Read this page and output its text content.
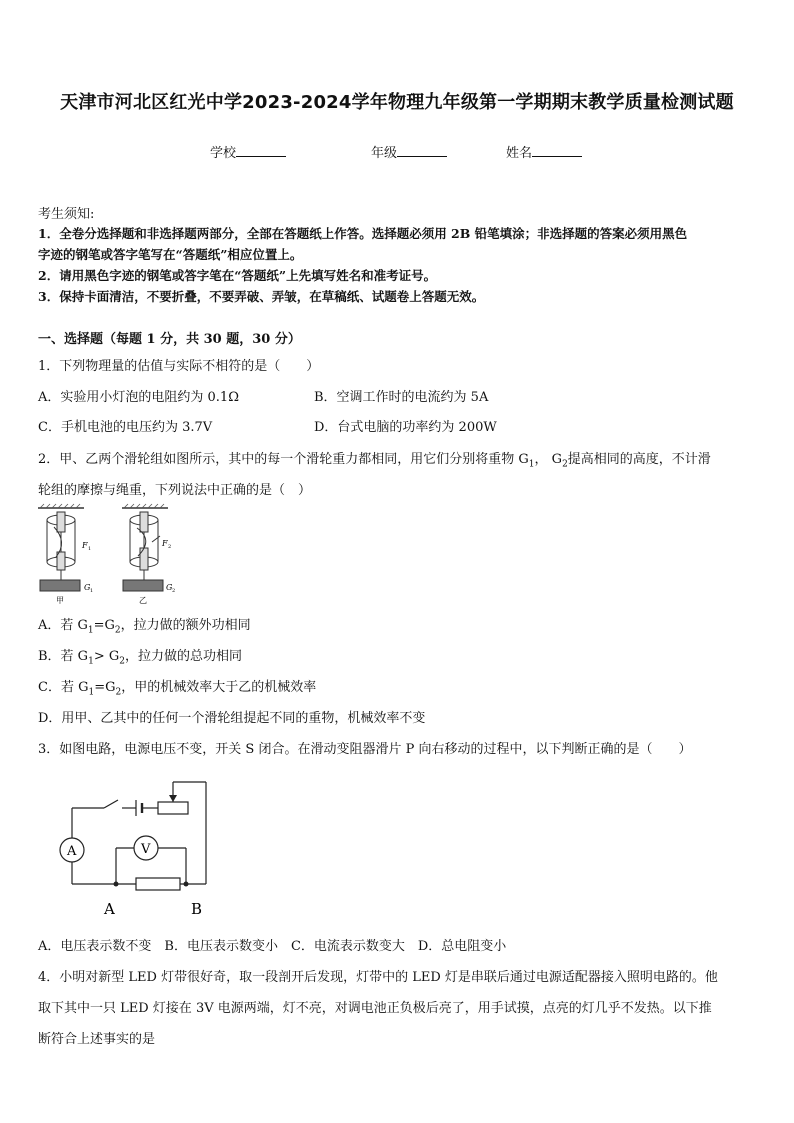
天津市河北区红光中学2023-2024学年物理九年级第一学期期末教学质量检测试题
学校	年级	姓名
考生须知:
1．全卷分选择题和非选择题两部分，全部在答题纸上作答。选择题必须用 2B 铅笔填涂；非选择题的答案必须用黑色
字迹的钢笔或答字笔写在“答题纸”相应位置上。
2．请用黑色字迹的钢笔或答字笔在“答题纸”上先填写姓名和准考证号。
3．保持卡面清洁，不要折叠，不要弄破、弄皱，在草稿纸、试题卷上答题无效。
一、选择题（每题 1 分，共 30 题，30 分）
1．下列物理量的估值与实际不相符的是（　　）
A．实验用小灯泡的电阻约为 0.1Ω	B．空调工作时的电流约为 5A
C．手机电池的电压约为 3.7V	D．台式电脑的功率约为 200W
2．甲、乙两个滑轮组如图所示，其中的每一个滑轮重力都相同，用它们分别将重物 $G_1$， $G_2$提高相同的高度，不计滑
轮组的摩擦与绳重，下列说法中正确的是（　）
F 1
G 1
甲
F 2
G 2
乙
A．若 $G_1=G_2$，拉力做的额外功相同
B．若 $G_1> G_2$，拉力做的总功相同
C．若 $G_1=G_2$，甲的机械效率大于乙的机械效率
D．用甲、乙其中的任何一个滑轮组提起不同的重物，机械效率不变
3．如图电路，电源电压不变，开关 S 闭合。在滑动变阻器滑片 P 向右移动的过程中，以下判断正确的是（　　）
A	V
A	B
A．电压表示数不变　B．电压表示数变小　C．电流表示数变大　D．总电阻变小
4．小明对新型 LED 灯带很好奇，取一段剖开后发现，灯带中的 LED 灯是串联后通过电源适配器接入照明电路的。他
取下其中一只 LED 灯接在 3V 电源两端，灯不亮，对调电池正负极后亮了，用手试摸，点亮的灯几乎不发热。以下推
断符合上述事实的是
